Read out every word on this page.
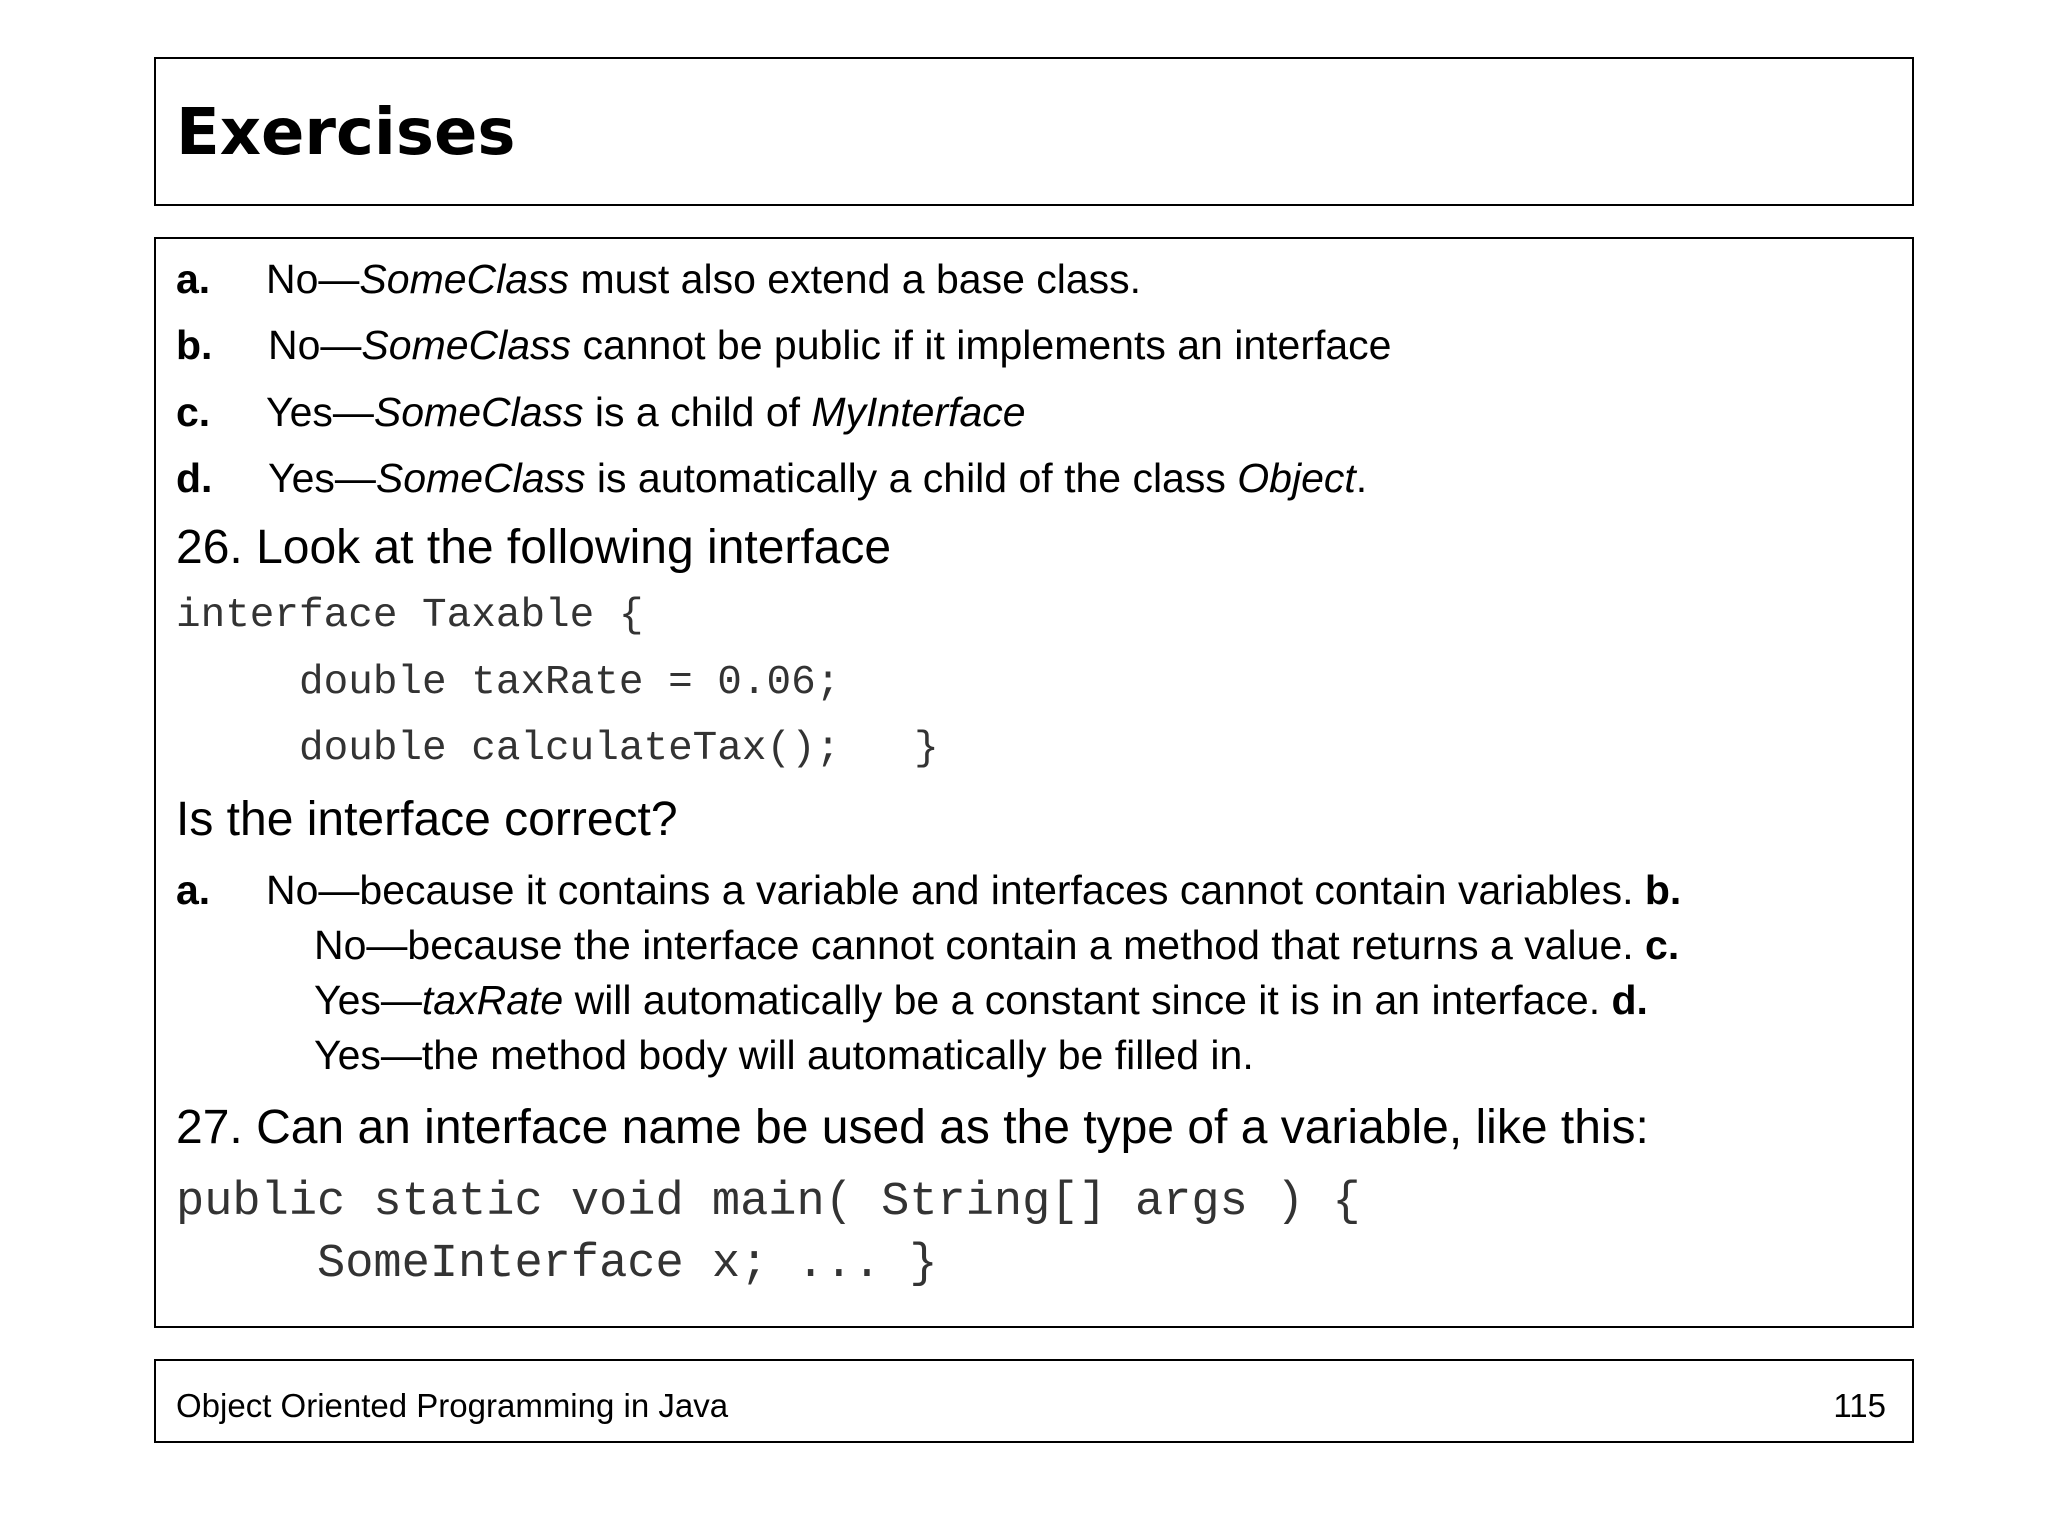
Exercises
a. No—SomeClass must also extend a base class.
b. No—SomeClass cannot be public if it implements an interface
c. Yes—SomeClass is a child of MyInterface
d. Yes—SomeClass is automatically a child of the class Object.
26. Look at the following interface
interface Taxable {
double taxRate = 0.06;
double calculateTax();   }
Is the interface correct?
a. No—because it contains a variable and interfaces cannot contain variables. b.
No—because the interface cannot contain a method that returns a value. c.
Yes—taxRate will automatically be a constant since it is in an interface. d.
Yes—the method body will automatically be filled in.
27. Can an interface name be used as the type of a variable, like this:
public static void main( String[] args ) {
SomeInterface x; ... }
Object Oriented Programming in Java	115
